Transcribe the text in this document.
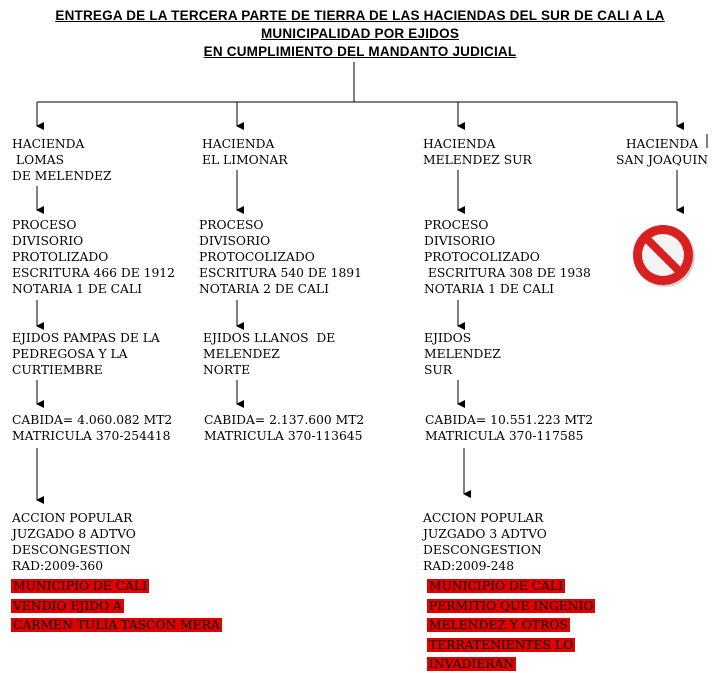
ENTREGA DE LA TERCERA PARTE DE TIERRA DE LAS HACIENDAS DEL SUR DE CALI A LA
MUNICIPALIDAD POR EJIDOS
EN CUMPLIMIENTO DEL MANDANTO JUDICIAL
HACIENDA
LOMAS
DE MELENDEZ
PROCESO
DIVISORIO
PROTOLIZADO
ESCRITURA 466 DE 1912
NOTARIA 1 DE CALI
EJIDOS PAMPAS DE LA
PEDREGOSA Y LA
CURTIEMBRE
CABIDA= 4.060.082 MT2
MATRICULA 370-254418
ACCION POPULAR
JUZGADO 8 ADTVO
DESCONGESTION
RAD:2009-360
MUNICIPIO DE CALI
VENDIO EJIDO A
CARMEN TULIA TASCON MERA
HACIENDA
EL LIMONAR
PROCESO
DIVISORIO
PROTOCOLIZADO
ESCRITURA 540 DE 1891
NOTARIA 2 DE CALI
EJIDOS LLANOS  DE
MELENDEZ
NORTE
CABIDA= 2.137.600 MT2
MATRICULA 370-113645
HACIENDA
MELENDEZ SUR
PROCESO
DIVISORIO
PROTOCOLIZADO
ESCRITURA 308 DE 1938
NOTARIA 1 DE CALI
EJIDOS
MELENDEZ
SUR
CABIDA= 10.551.223 MT2
MATRICULA 370-117585
ACCION POPULAR
JUZGADO 3 ADTVO
DESCONGESTION
RAD:2009-248
MUNICIPIO DE CALI
PERMITIO QUE INGENIO
MELENDEZ Y OTROS
TERRATENIENTES LO
INVADIERAN
HACIENDA
SAN JOAQUIN
